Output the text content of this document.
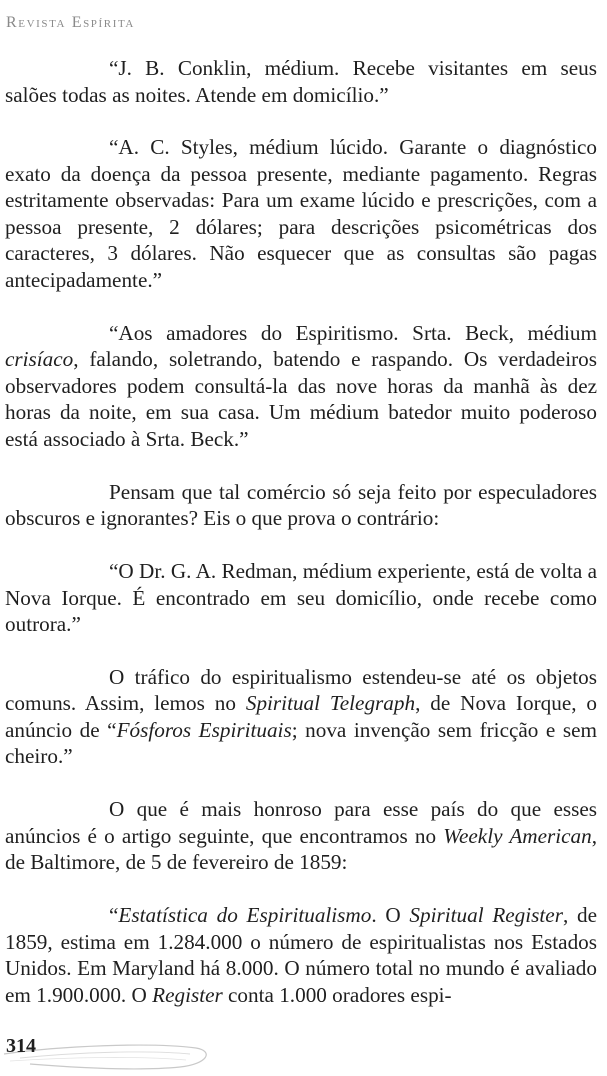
Revista Espírita

“J. B. Conklin, médium. Recebe visitantes em seus salões todas as noites. Atende em domicílio.”

“A. C. Styles, médium lúcido. Garante o diagnóstico exato da doença da pessoa presente, mediante pagamento. Regras estritamente observadas: Para um exame lúcido e prescrições, com a pessoa presente, 2 dólares; para descrições psicométricas dos caracteres, 3 dólares. Não esquecer que as consultas são pagas antecipadamente.”

“Aos amadores do Espiritismo. Srta. Beck, médium crisíaco, falando, soletrando, batendo e raspando. Os verdadeiros observadores podem consultá-la das nove horas da manhã às dez horas da noite, em sua casa. Um médium batedor muito poderoso está associado à Srta. Beck.”

Pensam que tal comércio só seja feito por especuladores obscuros e ignorantes? Eis o que prova o contrário:

“O Dr. G. A. Redman, médium experiente, está de volta a Nova Iorque. É encontrado em seu domicílio, onde recebe como outrora.”

O tráfico do espiritualismo estendeu-se até os objetos comuns. Assim, lemos no Spiritual Telegraph, de Nova Iorque, o anúncio de “Fósforos Espirituais; nova invenção sem fricção e sem cheiro.”

O que é mais honroso para esse país do que esses anúncios é o artigo seguinte, que encontramos no Weekly American, de Baltimore, de 5 de fevereiro de 1859:

“Estatística do Espiritualismo. O Spiritual Register, de 1859, estima em 1.284.000 o número de espiritualistas nos Estados Unidos. Em Maryland há 8.000. O número total no mundo é avaliado em 1.900.000. O Register conta 1.000 oradores espi-

314
